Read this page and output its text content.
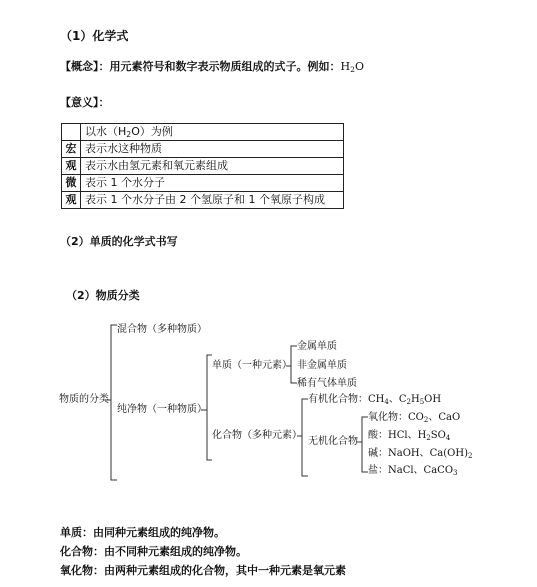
（1）化学式
【概念】：用元素符号和数字表示物质组成的式子。例如：$H_2O$
【意义】：
	以水$(H_2O)$为例
宏	表示水这种物质
观	表示水由氢元素和氧元素组成
微	表示 1 个水分子
观	表示 1 个水分子由 2 个氢原子和 1 个氧原子构成
（2）单质的化学式书写
（2）物质分类
物质的分类
混合物（多种物质）
纯净物（一种物质）
单质（一种元素）
金属单质
非金属单质
稀有气体单质
化合物（多种元素）
有机化合物：$CH_4$、$C_2H_5OH$
无机化合物
氧化物：$CO_2$、CaO
酸：HCl、$H_2SO_4$
碱：NaOH、$Ca(OH)_2$
盐：NaCl、CaCO$_3$
单质：由同种元素组成的纯净物。
化合物：由不同种元素组成的纯净物。
氧化物：由两种元素组成的化合物，其中一种元素是氧元素
